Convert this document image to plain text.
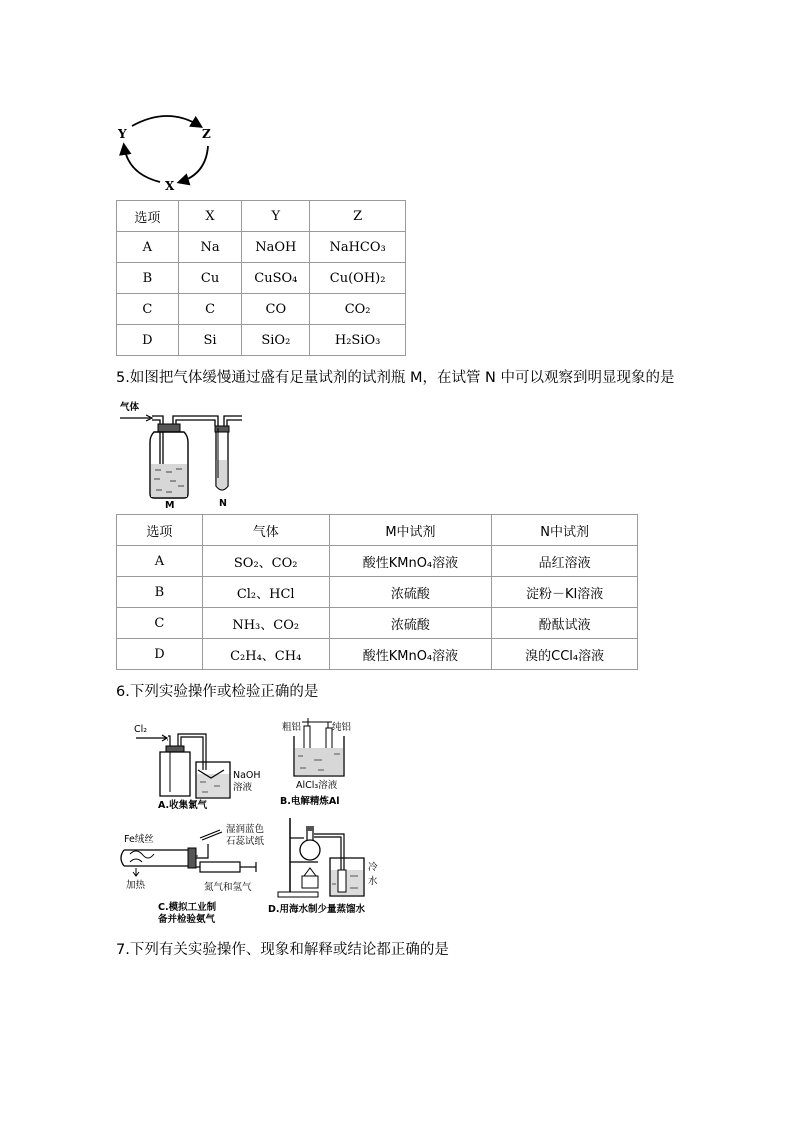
Y	Z
X
选项	X	Y	Z
A	Na	NaOH	NaHCO₃
B	Cu	CuSO₄	Cu(OH)₂
C	C	CO	CO₂
D	Si	SiO₂	H₂SiO₃
5.如图把气体缓慢通过盛有足量试剂的试剂瓶 M，在试管 N 中可以观察到明显现象的是
气体
M	N
选项	气体	M中试剂	N中试剂
A	SO₂、CO₂	酸性KMnO₄溶液	品红溶液
B	Cl₂、HCl	浓硫酸	淀粉－KI溶液
C	NH₃、CO₂	浓硫酸	酚酞试液
D	C₂H₄、CH₄	酸性KMnO₄溶液	溴的CCl₄溶液
6.下列实验操作或检验正确的是
Cl₂
NaOH
溶液
A.收集氯气
粗铝	纯铝
AlCl₃溶液
B.电解精炼Al
Fe绒丝
湿润蓝色
石蕊试纸
加热	氮气和氢气
C.模拟工业制
备并检验氨气
冷
水
D.用海水制少量蒸馏水
7.下列有关实验操作、现象和解释或结论都正确的是
